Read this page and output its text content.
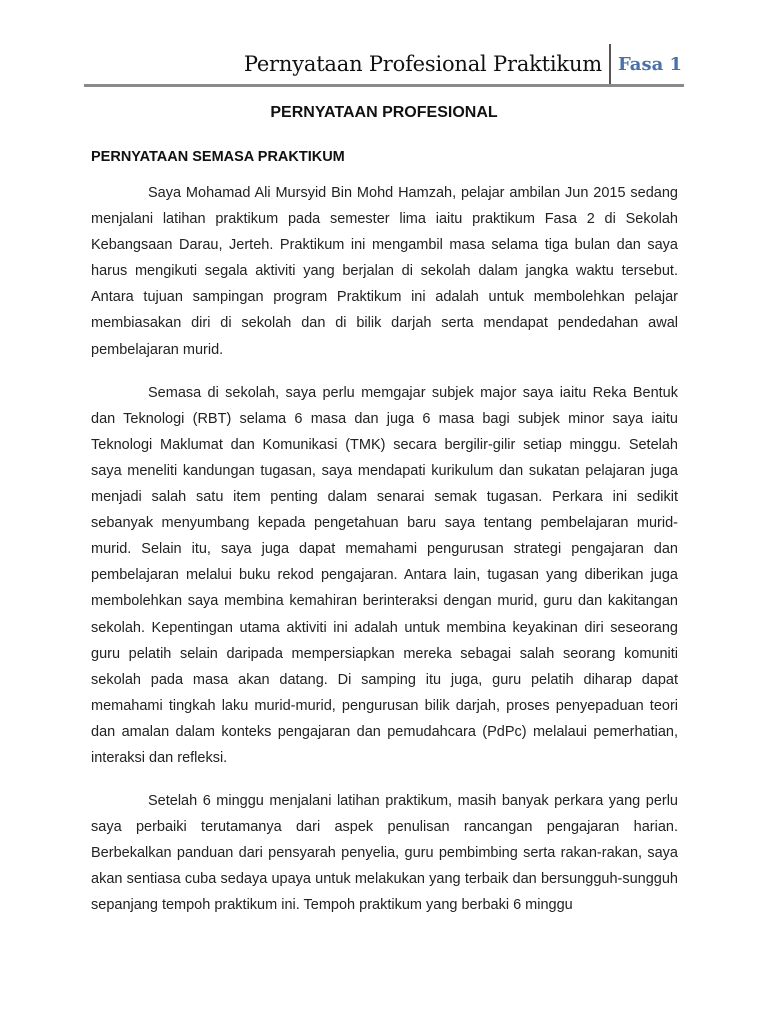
Pernyataan Profesional Praktikum Fasa 1
PERNYATAAN PROFESIONAL
PERNYATAAN SEMASA PRAKTIKUM

Saya Mohamad Ali Mursyid Bin Mohd Hamzah, pelajar ambilan Jun 2015 sedang menjalani latihan praktikum pada semester lima iaitu praktikum Fasa 2 di Sekolah Kebangsaan Darau, Jerteh. Praktikum ini mengambil masa selama tiga bulan dan saya harus mengikuti segala aktiviti yang berjalan di sekolah dalam jangka waktu tersebut. Antara tujuan sampingan program Praktikum ini adalah untuk membolehkan pelajar membiasakan diri di sekolah dan di bilik darjah serta mendapat pendedahan awal pembelajaran murid.

Semasa di sekolah, saya perlu memgajar subjek major saya iaitu Reka Bentuk dan Teknologi (RBT) selama 6 masa dan juga 6 masa bagi subjek minor saya iaitu Teknologi Maklumat dan Komunikasi (TMK) secara bergilir-gilir setiap minggu. Setelah saya meneliti kandungan tugasan, saya mendapati kurikulum dan sukatan pelajaran juga menjadi salah satu item penting dalam senarai semak tugasan. Perkara ini sedikit sebanyak menyumbang kepada pengetahuan baru saya tentang pembelajaran murid-murid. Selain itu, saya juga dapat memahami pengurusan strategi pengajaran dan pembelajaran melalui buku rekod pengajaran. Antara lain, tugasan yang diberikan juga membolehkan saya membina kemahiran berinteraksi dengan murid, guru dan kakitangan sekolah. Kepentingan utama aktiviti ini adalah untuk membina keyakinan diri seseorang guru pelatih selain daripada mempersiapkan mereka sebagai salah seorang komuniti sekolah pada masa akan datang. Di samping itu juga, guru pelatih diharap dapat memahami tingkah laku murid-murid, pengurusan bilik darjah, proses penyepaduan teori dan amalan dalam konteks pengajaran dan pemudahcara (PdPc) melalaui pemerhatian, interaksi dan refleksi.

Setelah 6 minggu menjalani latihan praktikum, masih banyak perkara yang perlu saya perbaiki terutamanya dari aspek penulisan rancangan pengajaran harian. Berbekalkan panduan dari pensyarah penyelia, guru pembimbing serta rakan-rakan, saya akan sentiasa cuba sedaya upaya untuk melakukan yang terbaik dan bersungguh-sungguh sepanjang tempoh praktikum ini. Tempoh praktikum yang berbaki 6 minggu
